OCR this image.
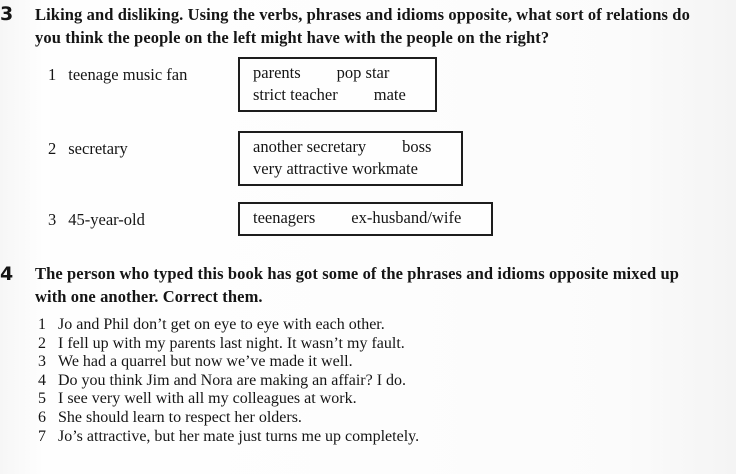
3 Liking and disliking. Using the verbs, phrases and idioms opposite, what sort of relations do
you think the people on the left might have with the people on the right?
1 teenage music fan	parents pop star
strict teacher mate
2 secretary	another secretary boss
very attractive workmate
3 45-year-old	teenagers ex-husband/wife
4 The person who typed this book has got some of the phrases and idioms opposite mixed up
with one another. Correct them.
1 Jo and Phil don’t get on eye to eye with each other.
2 I fell up with my parents last night. It wasn’t my fault.
3 We had a quarrel but now we’ve made it well.
4 Do you think Jim and Nora are making an affair? I do.
5 I see very well with all my colleagues at work.
6 She should learn to respect her olders.
7 Jo’s attractive, but her mate just turns me up completely.
